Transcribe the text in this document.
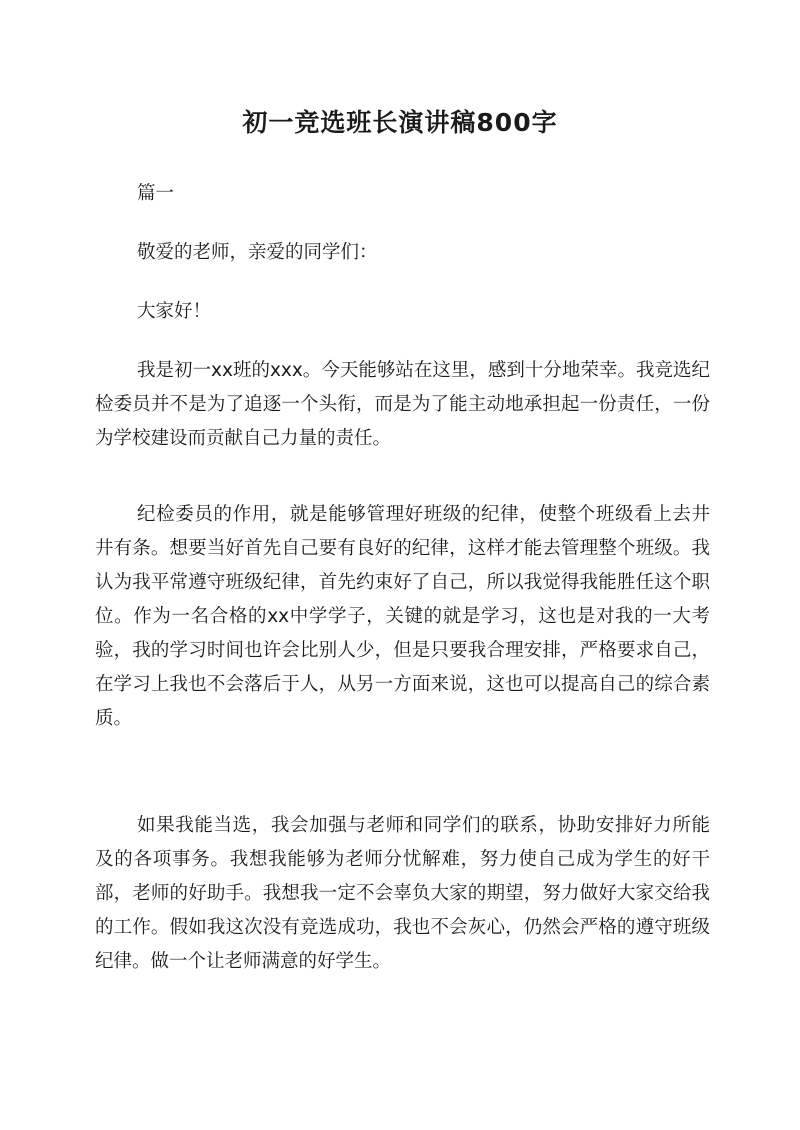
初一竞选班长演讲稿800字

篇一

敬爱的老师，亲爱的同学们：

大家好！

我是初一xx班的xxx。今天能够站在这里，感到十分地荣幸。我竞选纪检委员并不是为了追逐一个头衔，而是为了能主动地承担起一份责任，一份为学校建设而贡献自己力量的责任。

纪检委员的作用，就是能够管理好班级的纪律，使整个班级看上去井井有条。想要当好首先自己要有良好的纪律，这样才能去管理整个班级。我认为我平常遵守班级纪律，首先约束好了自己，所以我觉得我能胜任这个职位。作为一名合格的xx中学学子，关键的就是学习，这也是对我的一大考验，我的学习时间也许会比别人少，但是只要我合理安排，严格要求自己，在学习上我也不会落后于人，从另一方面来说，这也可以提高自己的综合素质。

如果我能当选，我会加强与老师和同学们的联系，协助安排好力所能及的各项事务。我想我能够为老师分忧解难，努力使自己成为学生的好干部，老师的好助手。我想我一定不会辜负大家的期望，努力做好大家交给我的工作。假如我这次没有竞选成功，我也不会灰心，仍然会严格的遵守班级纪律。做一个让老师满意的好学生。
